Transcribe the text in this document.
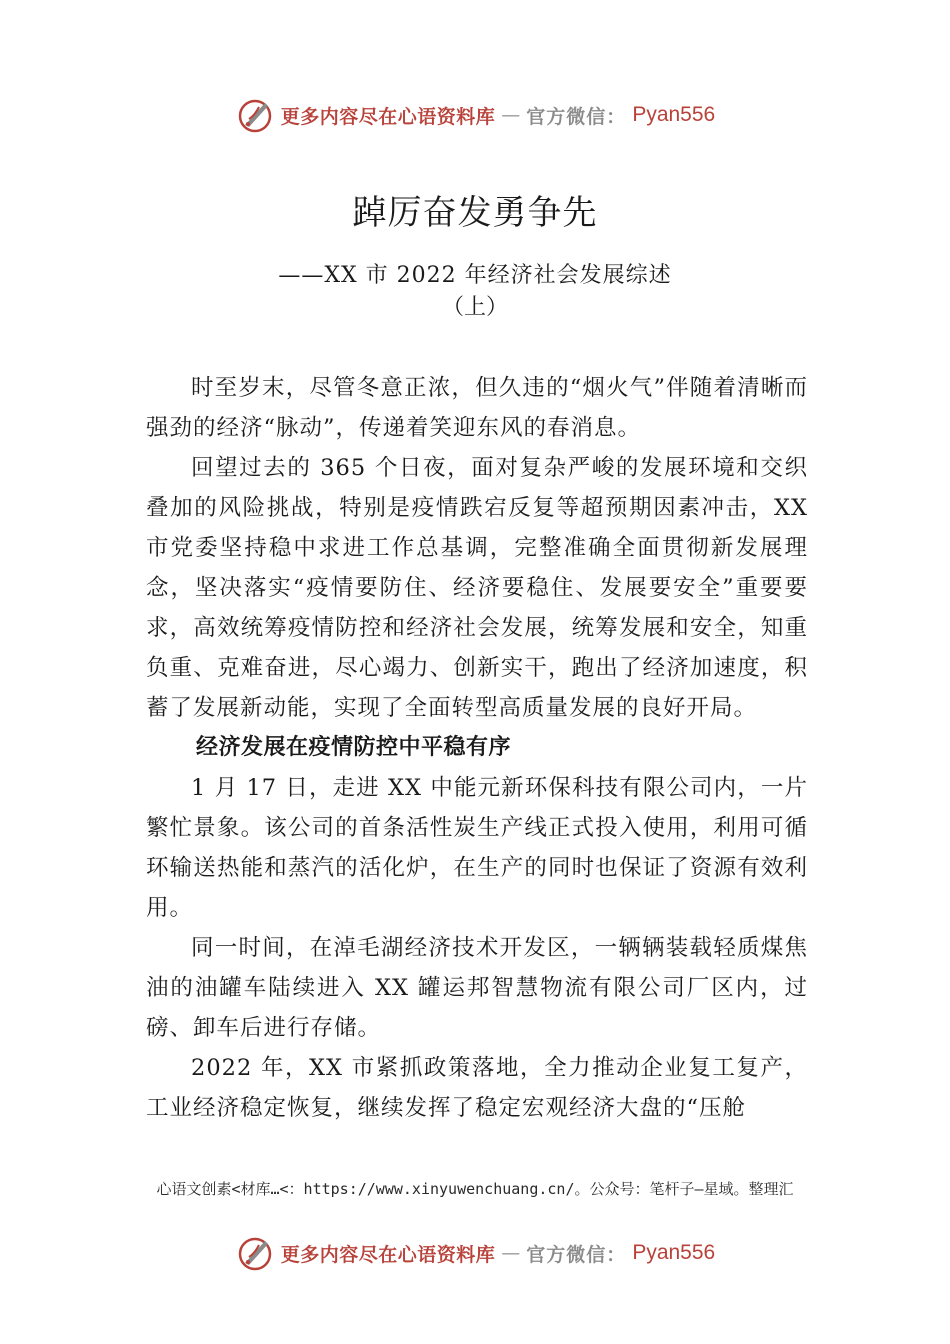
更多内容尽在心语资料库 — 官方微信： Pyan556
踔厉奋发勇争先
——XX 市 2022 年经济社会发展综述
（上）

时至岁末，尽管冬意正浓，但久违的“烟火气”伴随着清晰而强劲的经济“脉动”，传递着笑迎东风的春消息。

回望过去的 365 个日夜，面对复杂严峻的发展环境和交织叠加的风险挑战，特别是疫情跌宕反复等超预期因素冲击，XX 市党委坚持稳中求进工作总基调，完整准确全面贯彻新发展理念，坚决落实“疫情要防住、经济要稳住、发展要安全”重要要求，高效统筹疫情防控和经济社会发展，统筹发展和安全，知重负重、克难奋进，尽心竭力、创新实干，跑出了经济加速度，积蓄了发展新动能，实现了全面转型高质量发展的良好开局。

经济发展在疫情防控中平稳有序

1 月 17 日，走进 XX 中能元新环保科技有限公司内，一片繁忙景象。该公司的首条活性炭生产线正式投入使用，利用可循环输送热能和蒸汽的活化炉，在生产的同时也保证了资源有效利用。

同一时间，在淖毛湖经济技术开发区，一辆辆装载轻质煤焦油的油罐车陆续进入 XX 罐运邦智慧物流有限公司厂区内，过磅、卸车后进行存储。

2022 年，XX 市紧抓政策落地，全力推动企业复工复产，工业经济稳定恢复，继续发挥了稳定宏观经济大盘的“压舱

心语文创素<材库…<：https://www.xinyuwenchuang.cn/。公众号：笔杆子—星域。整理汇
更多内容尽在心语资料库 — 官方微信： Pyan556
